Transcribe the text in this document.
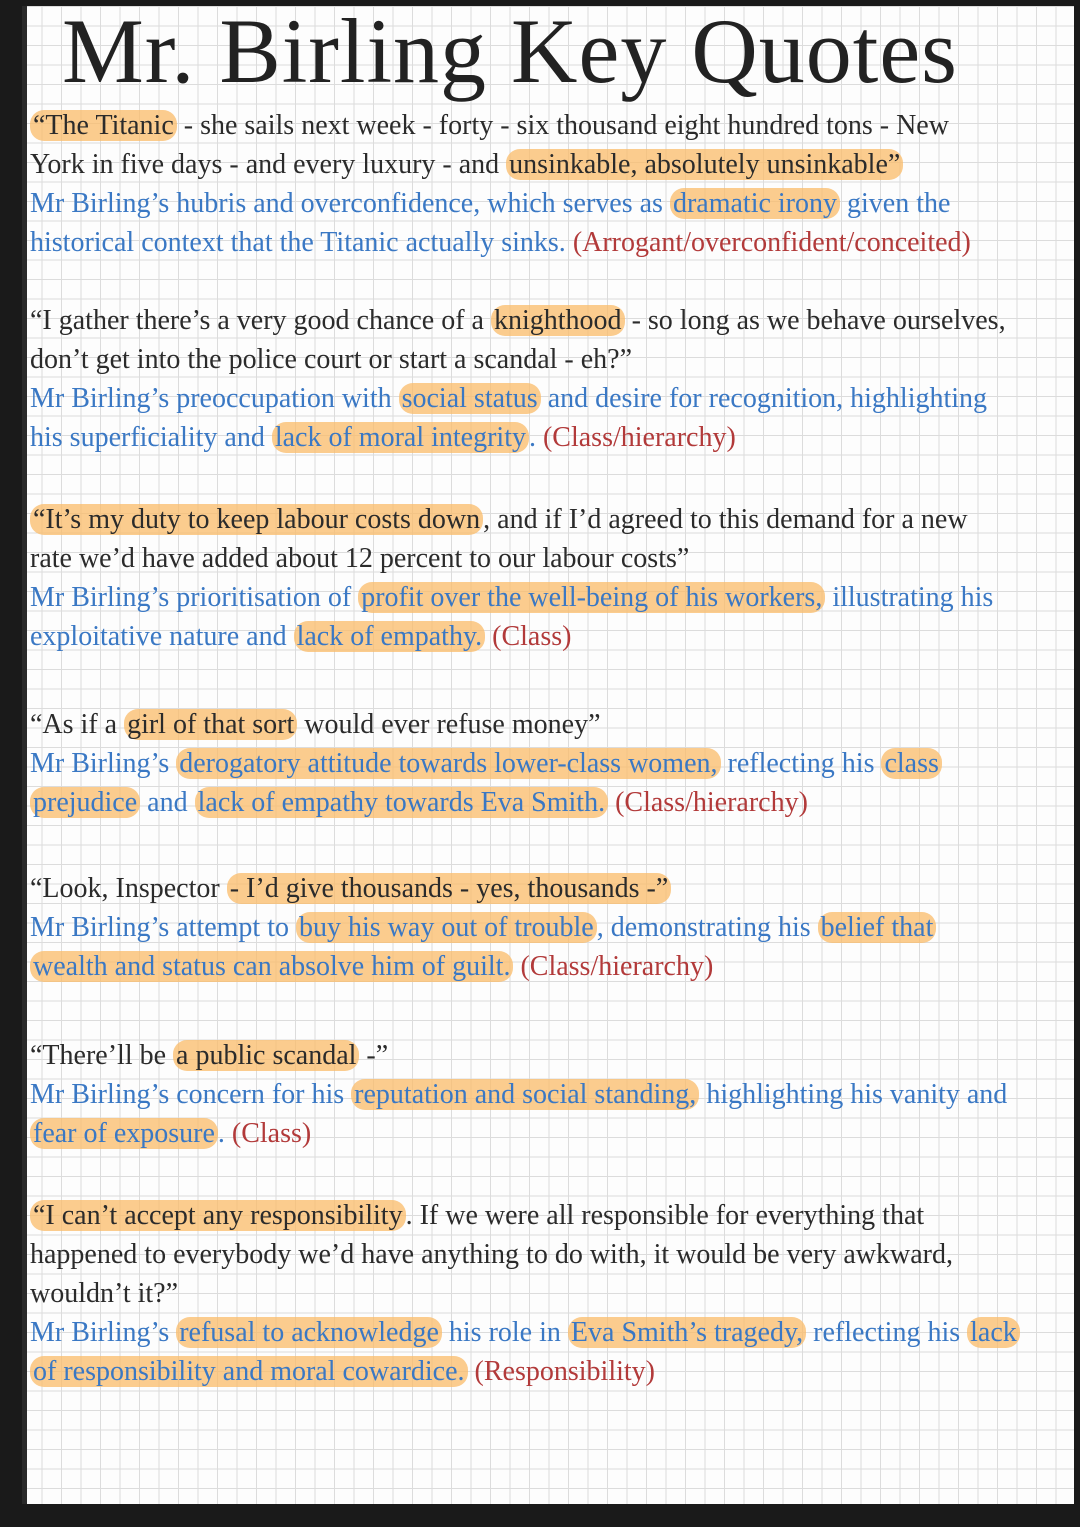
Mr. Birling Key Quotes
“The Titanic - she sails next week - forty - six thousand eight hundred tons - New
York in five days - and every luxury - and unsinkable, absolutely unsinkable”
Mr Birling’s hubris and overconfidence, which serves as dramatic irony given the
historical context that the Titanic actually sinks. (Arrogant/overconfident/conceited)
“I gather there’s a very good chance of a knighthood - so long as we behave ourselves,
don’t get into the police court or start a scandal - eh?”
Mr Birling’s preoccupation with social status and desire for recognition, highlighting
his superficiality and lack of moral integrity . (Class/hierarchy)
“It’s my duty to keep labour costs down , and if I’d agreed to this demand for a new
rate we’d have added about 12 percent to our labour costs”
Mr Birling’s prioritisation of profit over the well-being of his workers, illustrating his
exploitative nature and lack of empathy. (Class)
“As if a girl of that sort would ever refuse money”
Mr Birling’s derogatory attitude towards lower-class women, reflecting his class
prejudice and lack of empathy towards Eva Smith. (Class/hierarchy)
“Look, Inspector - I’d give thousands - yes, thousands -”
Mr Birling’s attempt to buy his way out of trouble , demonstrating his belief that
wealth and status can absolve him of guilt. (Class/hierarchy)
“There’ll be a public scandal -”
Mr Birling’s concern for his reputation and social standing, highlighting his vanity and
fear of exposure . (Class)
“I can’t accept any responsibility . If we were all responsible for everything that
happened to everybody we’d have anything to do with, it would be very awkward,
wouldn’t it?”
Mr Birling’s refusal to acknowledge his role in Eva Smith’s tragedy, reflecting his lack
of responsibility and moral cowardice. (Responsibility)
